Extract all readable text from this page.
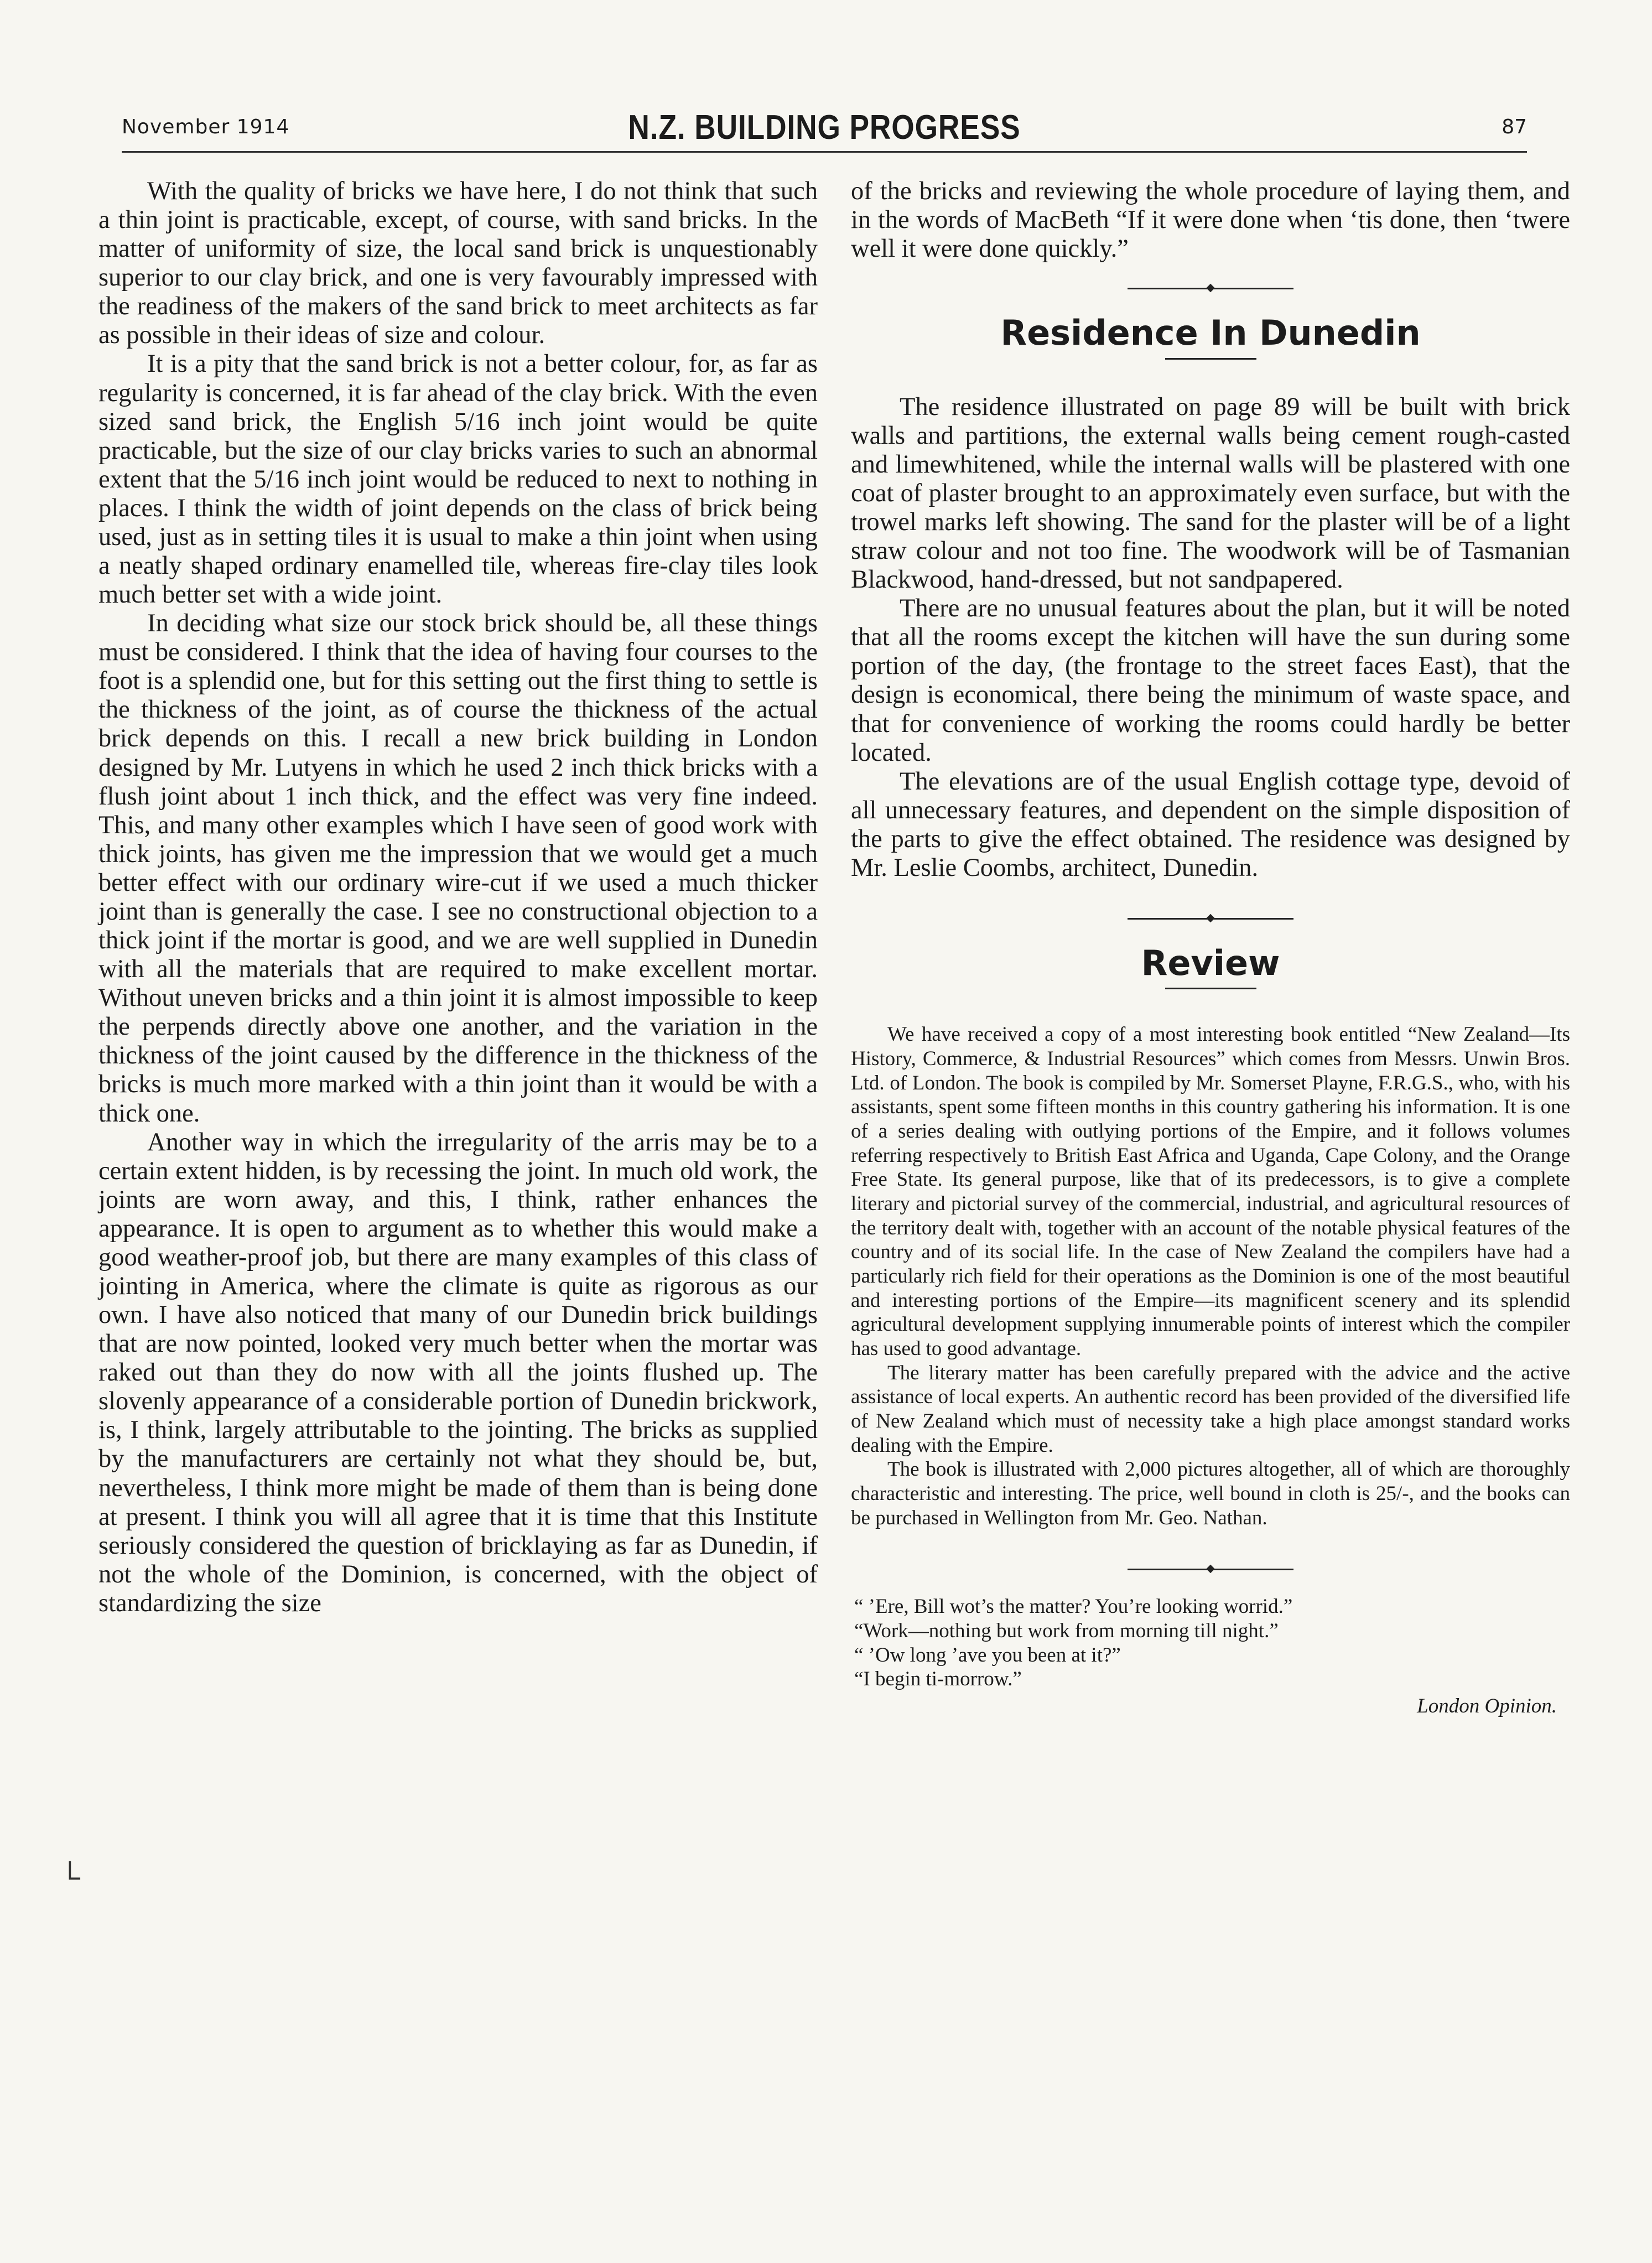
November 1914	N.Z. BUILDING PROGRESS	87

With the quality of bricks we have here, I do not think that such a thin joint is practicable, except, of course, with sand bricks. In the matter of uniformity of size, the local sand brick is unquestionably superior to our clay brick, and one is very favourably impressed with the readiness of the makers of the sand brick to meet architects as far as possible in their ideas of size and colour.

It is a pity that the sand brick is not a better colour, for, as far as regularity is concerned, it is far ahead of the clay brick. With the even sized sand brick, the English 5/16 inch joint would be quite practicable, but the size of our clay bricks varies to such an abnormal extent that the 5/16 inch joint would be reduced to next to nothing in places. I think the width of joint depends on the class of brick being used, just as in setting tiles it is usual to make a thin joint when using a neatly shaped ordinary enamelled tile, whereas fire-clay tiles look much better set with a wide joint.

In deciding what size our stock brick should be, all these things must be considered. I think that the idea of having four courses to the foot is a splendid one, but for this setting out the first thing to settle is the thickness of the joint, as of course the thickness of the actual brick depends on this. I recall a new brick building in London designed by Mr. Lutyens in which he used 2 inch thick bricks with a flush joint about 1 inch thick, and the effect was very fine indeed. This, and many other examples which I have seen of good work with thick joints, has given me the impression that we would get a much better effect with our ordinary wire-cut if we used a much thicker joint than is generally the case. I see no constructional objection to a thick joint if the mortar is good, and we are well supplied in Dunedin with all the materials that are required to make excellent mortar. Without uneven bricks and a thin joint it is almost impossible to keep the perpends directly above one another, and the variation in the thickness of the joint caused by the difference in the thickness of the bricks is much more marked with a thin joint than it would be with a thick one.

Another way in which the irregularity of the arris may be to a certain extent hidden, is by recessing the joint. In much old work, the joints are worn away, and this, I think, rather enhances the appearance. It is open to argument as to whether this would make a good weather-proof job, but there are many examples of this class of jointing in America, where the climate is quite as rigorous as our own. I have also noticed that many of our Dunedin brick buildings that are now pointed, looked very much better when the mortar was raked out than they do now with all the joints flushed up. The slovenly appearance of a considerable portion of Dunedin brickwork, is, I think, largely attributable to the jointing. The bricks as supplied by the manufacturers are certainly not what they should be, but, nevertheless, I think more might be made of them than is being done at present. I think you will all agree that it is time that this Institute seriously considered the question of bricklaying as far as Dunedin, if not the whole of the Dominion, is concerned, with the object of standardizing the size

of the bricks and reviewing the whole procedure of laying them, and in the words of MacBeth “If it were done when ‘tis done, then ‘twere well it were done quickly.”

Residence In Dunedin

The residence illustrated on page 89 will be built with brick walls and partitions, the external walls being cement rough-casted and limewhitened, while the internal walls will be plastered with one coat of plaster brought to an approximately even surface, but with the trowel marks left showing. The sand for the plaster will be of a light straw colour and not too fine. The woodwork will be of Tasmanian Blackwood, hand-dressed, but not sandpapered.

There are no unusual features about the plan, but it will be noted that all the rooms except the kitchen will have the sun during some portion of the day, (the frontage to the street faces East), that the design is economical, there being the minimum of waste space, and that for convenience of working the rooms could hardly be better located.

The elevations are of the usual English cottage type, devoid of all unnecessary features, and dependent on the simple disposition of the parts to give the effect obtained. The residence was designed by Mr. Leslie Coombs, architect, Dunedin.

Review

We have received a copy of a most interesting book entitled “New Zealand—Its History, Commerce, & Industrial Resources” which comes from Messrs. Unwin Bros. Ltd. of London. The book is compiled by Mr. Somerset Playne, F.R.G.S., who, with his assistants, spent some fifteen months in this country gathering his information. It is one of a series dealing with outlying portions of the Empire, and it follows volumes referring respectively to British East Africa and Uganda, Cape Colony, and the Orange Free State. Its general purpose, like that of its predecessors, is to give a complete literary and pictorial survey of the commercial, industrial, and agricultural resources of the territory dealt with, together with an account of the notable physical features of the country and of its social life. In the case of New Zealand the compilers have had a particularly rich field for their operations as the Dominion is one of the most beautiful and interesting portions of the Empire—its magnificent scenery and its splendid agricultural development supplying innumerable points of interest which the compiler has used to good advantage.

The literary matter has been carefully prepared with the advice and the active assistance of local experts. An authentic record has been provided of the diversified life of New Zealand which must of necessity take a high place amongst standard works dealing with the Empire.

The book is illustrated with 2,000 pictures altogether, all of which are thoroughly characteristic and interesting. The price, well bound in cloth is 25/-, and the books can be purchased in Wellington from Mr. Geo. Nathan.

“ ’Ere, Bill wot’s the matter? You’re looking worrid.”
“Work—nothing but work from morning till night.”
“ ’Ow long ’ave you been at it?”
“I begin ti-morrow.”
London Opinion.
└
